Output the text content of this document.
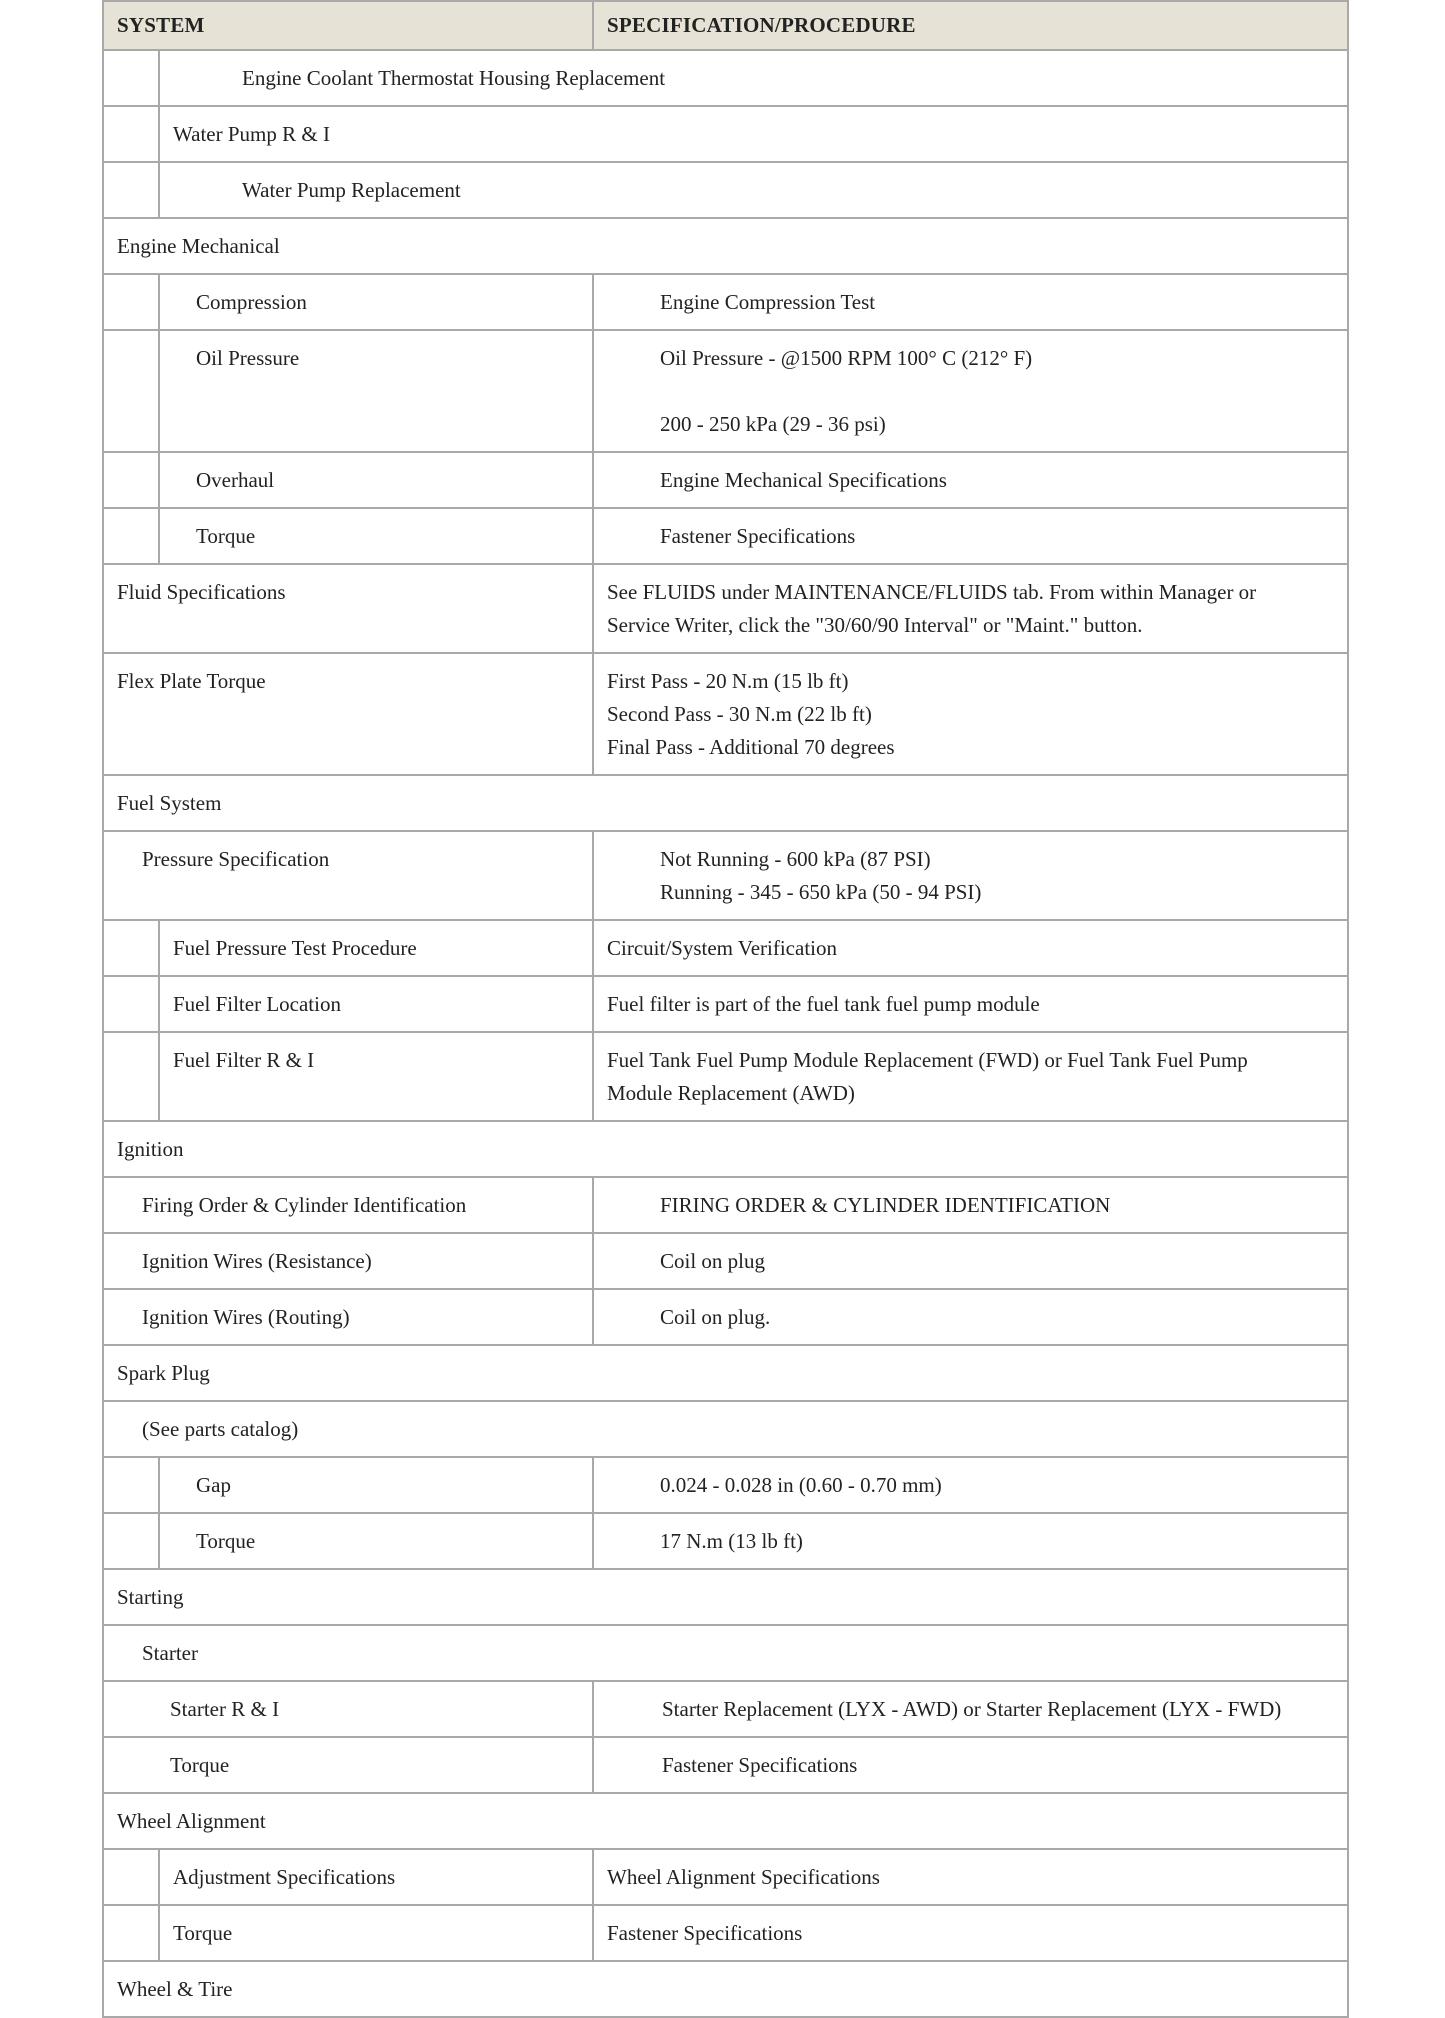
SYSTEM		SPECIFICATION/PROCEDURE

	Engine Coolant Thermostat Housing Replacement	

	Water Pump R & I	

	Water Pump Replacement	

Engine Mechanical		

	Compression	Engine Compression Test

	Oil Pressure	Oil Pressure - @1500 RPM 100° C (212° F)
200 - 250 kPa (29 - 36 psi)

	Overhaul	Engine Mechanical Specifications

	Torque	Fastener Specifications

Fluid Specifications		See FLUIDS under MAINTENANCE/FLUIDS tab. From within Manager or
Service Writer, click the "30/60/90 Interval" or "Maint." button.

Flex Plate Torque		First Pass - 20 N.m (15 lb ft)
Second Pass - 30 N.m (22 lb ft)
Final Pass - Additional 70 degrees

Fuel System		

Pressure Specification		Not Running - 600 kPa (87 PSI)
Running - 345 - 650 kPa (50 - 94 PSI)

	Fuel Pressure Test Procedure	Circuit/System Verification

	Fuel Filter Location	Fuel filter is part of the fuel tank fuel pump module

	Fuel Filter R & I	Fuel Tank Fuel Pump Module Replacement (FWD) or Fuel Tank Fuel Pump
Module Replacement (AWD)

Ignition		

Firing Order & Cylinder Identification		FIRING ORDER & CYLINDER IDENTIFICATION

Ignition Wires (Resistance)		Coil on plug

Ignition Wires (Routing)		Coil on plug.

Spark Plug		

(See parts catalog)		

	Gap	0.024 - 0.028 in (0.60 - 0.70 mm)

	Torque	17 N.m (13 lb ft)

Starting		

Starter		

Starter R & I		Starter Replacement (LYX - AWD) or Starter Replacement (LYX - FWD)

Torque		Fastener Specifications

Wheel Alignment		

	Adjustment Specifications	Wheel Alignment Specifications

	Torque	Fastener Specifications

Wheel & Tire		
